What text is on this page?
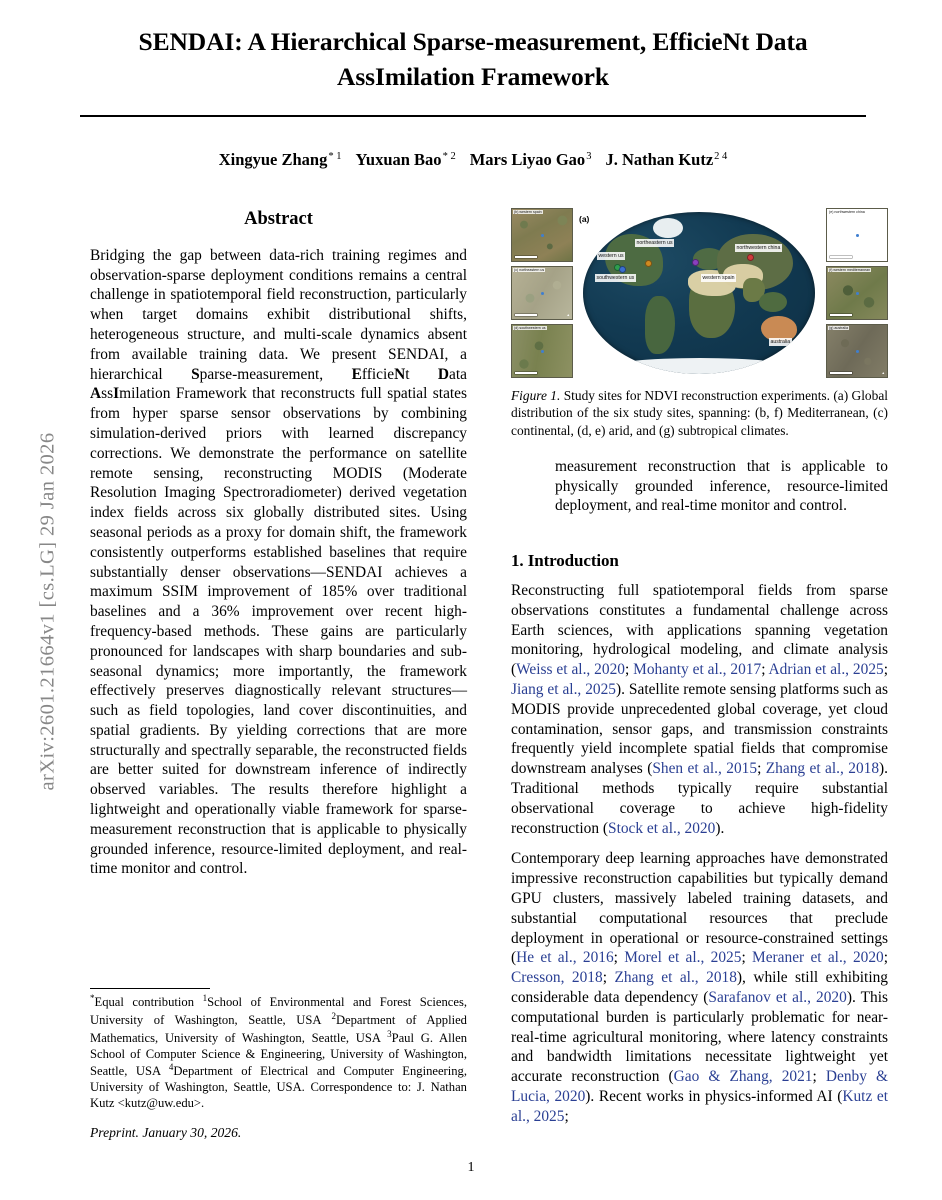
arXiv:2601.21664v1 [cs.LG] 29 Jan 2026
SENDAI: A Hierarchical Sparse-measurement, EfficieNt Data AssImilation Framework
Xingyue Zhang$^{* 1}$ Yuxuan Bao$^{* 2}$ Mars Liyao Gao$^3$ J. Nathan Kutz$^{2 4}$
Abstract

Bridging the gap between data-rich training regimes and observation-sparse deployment conditions remains a central challenge in spatiotemporal field reconstruction, particularly when target domains exhibit distributional shifts, heterogeneous structure, and multi-scale dynamics absent from available training data. We present SENDAI, a hierarchical Sparse-measurement, EfficieNt Data AssImilation Framework that reconstructs full spatial states from hyper sparse sensor observations by combining simulation-derived priors with learned discrepancy corrections. We demonstrate the performance on satellite remote sensing, reconstructing MODIS (Moderate Resolution Imaging Spectroradiometer) derived vegetation index fields across six globally distributed sites. Using seasonal periods as a proxy for domain shift, the framework consistently outperforms established baselines that require substantially denser observations—SENDAI achieves a maximum SSIM improvement of 185% over traditional baselines and a 36% improvement over recent high-frequency-based methods. These gains are particularly pronounced for landscapes with sharp boundaries and sub-seasonal dynamics; more importantly, the framework effectively preserves diagnostically relevant structures—such as field topologies, land cover discontinuities, and spatial gradients. By yielding corrections that are more structurally and spectrally separable, the reconstructed fields are better suited for downstream inference of indirectly observed variables. The results therefore highlight a lightweight and operationally viable framework for sparse-measurement reconstruction that is applicable to physically grounded inference, resource-limited deployment, and real-time monitor and control.

(b) western spain
(c) northeastern us
▲
(d) southwestern us
(a)
northeastern us
western us
southwestern us	western spain
northwestern china
australia
(e) northwestern china
▲
(f) western mediterranean
(g) australia
▲
Figure 1. Study sites for NDVI reconstruction experiments. (a) Global distribution of the six study sites, spanning: (b, f) Mediterranean, (c) continental, (d, e) arid, and (g) subtropical climates.

measurement reconstruction that is applicable to physically grounded inference, resource-limited deployment, and real-time monitor and control.

1. Introduction

Reconstructing full spatiotemporal fields from sparse observations constitutes a fundamental challenge across Earth sciences, with applications spanning vegetation monitoring, hydrological modeling, and climate analysis (Weiss et al., 2020; Mohanty et al., 2017; Adrian et al., 2025; Jiang et al., 2025). Satellite remote sensing platforms such as MODIS provide unprecedented global coverage, yet cloud contamination, sensor gaps, and transmission constraints frequently yield incomplete spatial fields that compromise downstream analyses (Shen et al., 2015; Zhang et al., 2018). Traditional methods typically require substantial observational coverage to achieve high-fidelity reconstruction (Stock et al., 2020).

Contemporary deep learning approaches have demonstrated impressive reconstruction capabilities but typically demand GPU clusters, massively labeled training datasets, and substantial computational resources that preclude deployment in operational or resource-constrained settings (He et al., 2016; Morel et al., 2025; Meraner et al., 2020; Cresson, 2018; Zhang et al., 2018), while still exhibiting considerable data dependency (Sarafanov et al., 2020). This computational burden is particularly problematic for near-real-time agricultural monitoring, where latency constraints and bandwidth limitations necessitate lightweight yet accurate reconstruction (Gao & Zhang, 2021; Denby & Lucia, 2020). Recent works in physics-informed AI (Kutz et al., 2025;

*Equal contribution $^1$School of Environmental and Forest Sciences, University of Washington, Seattle, USA $^2$Department of Applied Mathematics, University of Washington, Seattle, USA $^3$Paul G. Allen School of Computer Science & Engineering, University of Washington, Seattle, USA $^4$Department of Electrical and Computer Engineering, University of Washington, Seattle, USA. Correspondence to: J. Nathan Kutz <kutz@uw.edu>.
Preprint. January 30, 2026.
1
